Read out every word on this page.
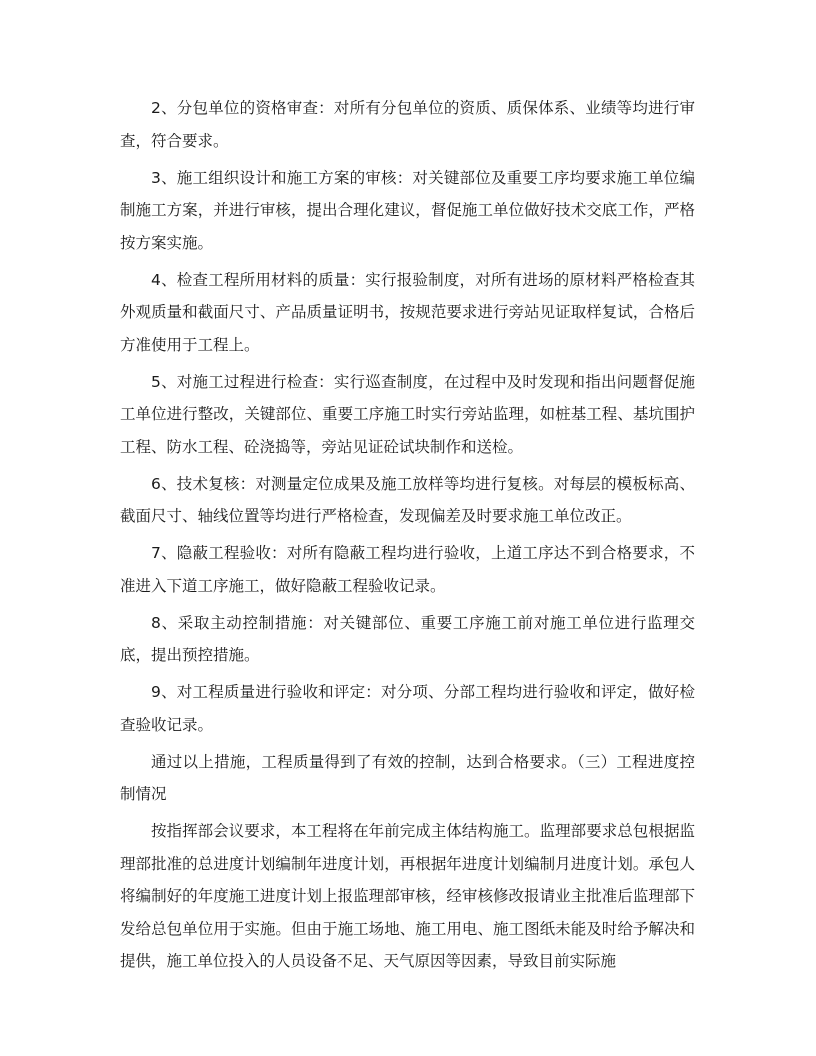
2、分包单位的资格审查：对所有分包单位的资质、质保体系、业绩等均进行审查，符合要求。

3、施工组织设计和施工方案的审核：对关键部位及重要工序均要求施工单位编制施工方案，并进行审核，提出合理化建议，督促施工单位做好技术交底工作，严格按方案实施。

4、检查工程所用材料的质量：实行报验制度，对所有进场的原材料严格检查其外观质量和截面尺寸、产品质量证明书，按规范要求进行旁站见证取样复试，合格后方准使用于工程上。

5、对施工过程进行检查：实行巡查制度，在过程中及时发现和指出问题督促施工单位进行整改，关键部位、重要工序施工时实行旁站监理，如桩基工程、基坑围护工程、防水工程、砼浇捣等，旁站见证砼试块制作和送检。

6、技术复核：对测量定位成果及施工放样等均进行复核。对每层的模板标高、截面尺寸、轴线位置等均进行严格检查，发现偏差及时要求施工单位改正。

7、隐蔽工程验收：对所有隐蔽工程均进行验收，上道工序达不到合格要求，不准进入下道工序施工，做好隐蔽工程验收记录。

8、采取主动控制措施：对关键部位、重要工序施工前对施工单位进行监理交底，提出预控措施。

9、对工程质量进行验收和评定：对分项、分部工程均进行验收和评定，做好检查验收记录。

通过以上措施，工程质量得到了有效的控制，达到合格要求。（三）工程进度控制情况

按指挥部会议要求，本工程将在年前完成主体结构施工。监理部要求总包根据监理部批准的总进度计划编制年进度计划，再根据年进度计划编制月进度计划。承包人将编制好的年度施工进度计划上报监理部审核，经审核修改报请业主批准后监理部下发给总包单位用于实施。但由于施工场地、施工用电、施工图纸未能及时给予解决和提供，施工单位投入的人员设备不足、天气原因等因素，导致目前实际施
